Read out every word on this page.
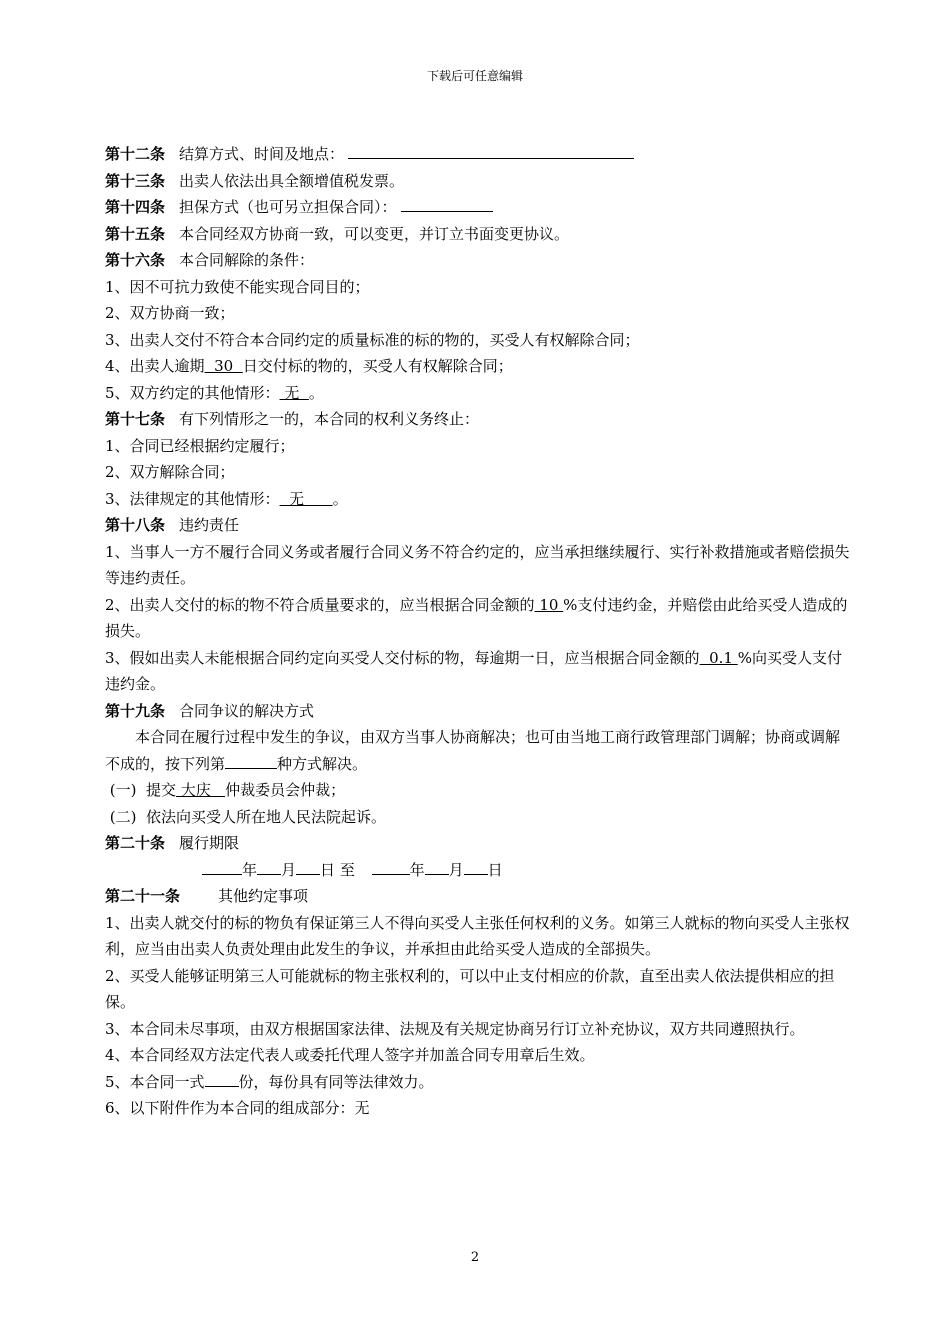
下载后可任意编辑
第十二条 结算方式、时间及地点：
第十三条 出卖人依法出具全额增值税发票。
第十四条 担保方式（也可另立担保合同）：
第十五条 本合同经双方协商一致，可以变更，并订立书面变更协议。
第十六条 本合同解除的条件：
1、因不可抗力致使不能实现合同目的；
2、双方协商一致；
3、出卖人交付不符合本合同约定的质量标准的标的物的，买受人有权解除合同；
4、出卖人逾期  30  日交付标的物的，买受人有权解除合同；
5、双方约定的其他情形： 无  。
第十七条 有下列情形之一的，本合同的权利义务终止：
1、合同已经根据约定履行；
2、双方解除合同；
3、法律规定的其他情形：  无      。
第十八条 违约责任
1、当事人一方不履行合同义务或者履行合同义务不符合约定的，应当承担继续履行、实行补救措施或者赔偿损失等违约责任。
2、出卖人交付的标的物不符合质量要求的，应当根据合同金额的 10 %支付违约金，并赔偿由此给买受人造成的损失。
3、假如出卖人未能根据合同约定向买受人交付标的物，每逾期一日，应当根据合同金额的  0.1 %向买受人支付违约金。
第十九条 合同争议的解决方式
本合同在履行过程中发生的争议，由双方当事人协商解决；也可由当地工商行政管理部门调解；协商或调解不成的，按下列第	种方式解决。
(一)  提交 大庆   仲裁委员会仲裁；
(二)  依法向买受人所在地人民法院起诉。
第二十条 履行期限
年 月 日 至	年 月 日
第二十一条	其他约定事项
1、出卖人就交付的标的物负有保证第三人不得向买受人主张任何权利的义务。如第三人就标的物向买受人主张权利，应当由出卖人负责处理由此发生的争议，并承担由此给买受人造成的全部损失。
2、买受人能够证明第三人可能就标的物主张权利的，可以中止支付相应的价款，直至出卖人依法提供相应的担保。
3、本合同未尽事项，由双方根据国家法律、法规及有关规定协商另行订立补充协议，双方共同遵照执行。
4、本合同经双方法定代表人或委托代理人签字并加盖合同专用章后生效。
5、本合同一式 份，每份具有同等法律效力。
6、以下附件作为本合同的组成部分：无
2
